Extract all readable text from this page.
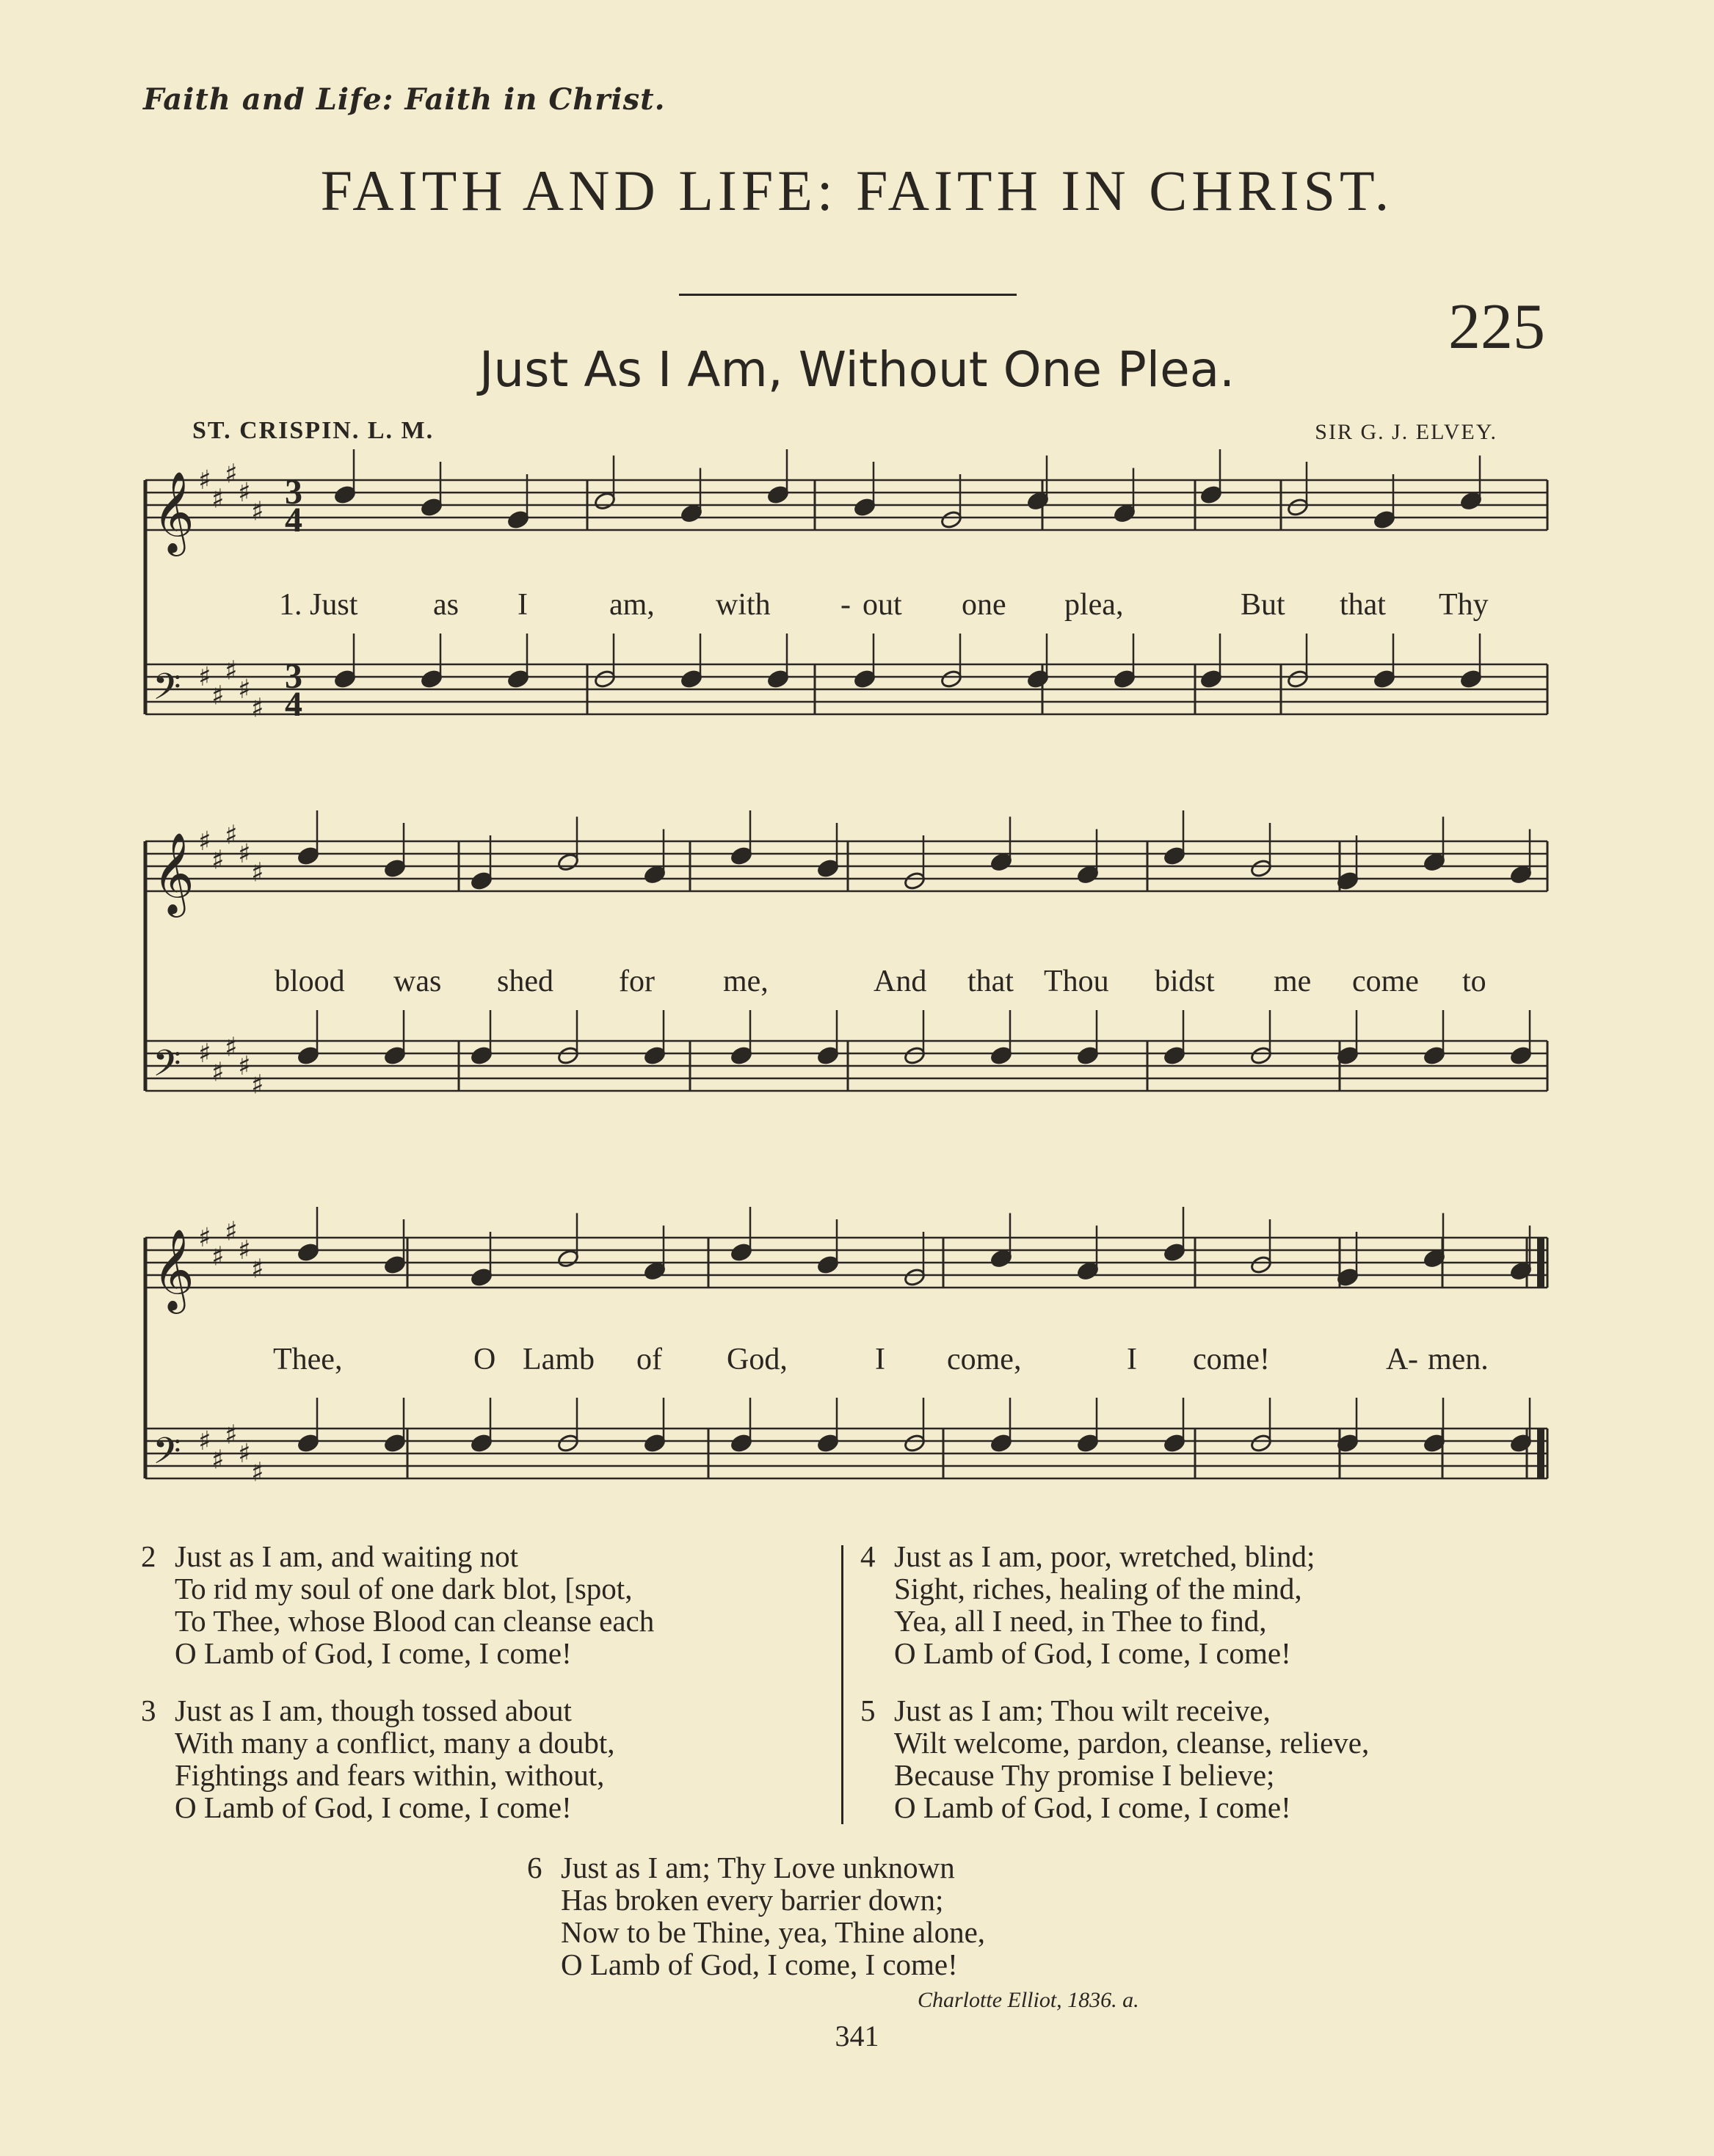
Faith and Life: Faith in Christ.
FAITH AND LIFE: FAITH IN CHRIST.
225
Just As I Am, Without One Plea.
ST. CRISPIN. L. M.	SIR G. J. ELVEY.
𝄞 ♯
♯
♯
♯
♯ 3
4
𝄢 ♯
♯
♯
♯
♯
3
4
𝄞 ♯
♯
♯
♯
♯
𝄢 ♯
♯
♯
♯
♯
𝄞 ♯
♯
♯
♯
♯
𝄢 ♯
♯
♯
♯
♯
1. Just as I	am, with - out one plea,	But that Thy
blood was shed for me,	And that Thou bidst me come to
Thee,	O Lamb of God,	I come,	I come!	A - men.
2 Just as I am, and waiting not
To rid my soul of one dark blot, [spot,
To Thee, whose Blood can cleanse each
O Lamb of God, I come, I come!
3 Just as I am, though tossed about
With many a conflict, many a doubt,
Fightings and fears within, without,
O Lamb of God, I come, I come!
4 Just as I am, poor, wretched, blind;
Sight, riches, healing of the mind,
Yea, all I need, in Thee to find,
O Lamb of God, I come, I come!
5 Just as I am; Thou wilt receive,
Wilt welcome, pardon, cleanse, relieve,
Because Thy promise I believe;
O Lamb of God, I come, I come!
6 Just as I am; Thy Love unknown
Has broken every barrier down;
Now to be Thine, yea, Thine alone,
O Lamb of God, I come, I come!
Charlotte Elliot, 1836. a.
341
